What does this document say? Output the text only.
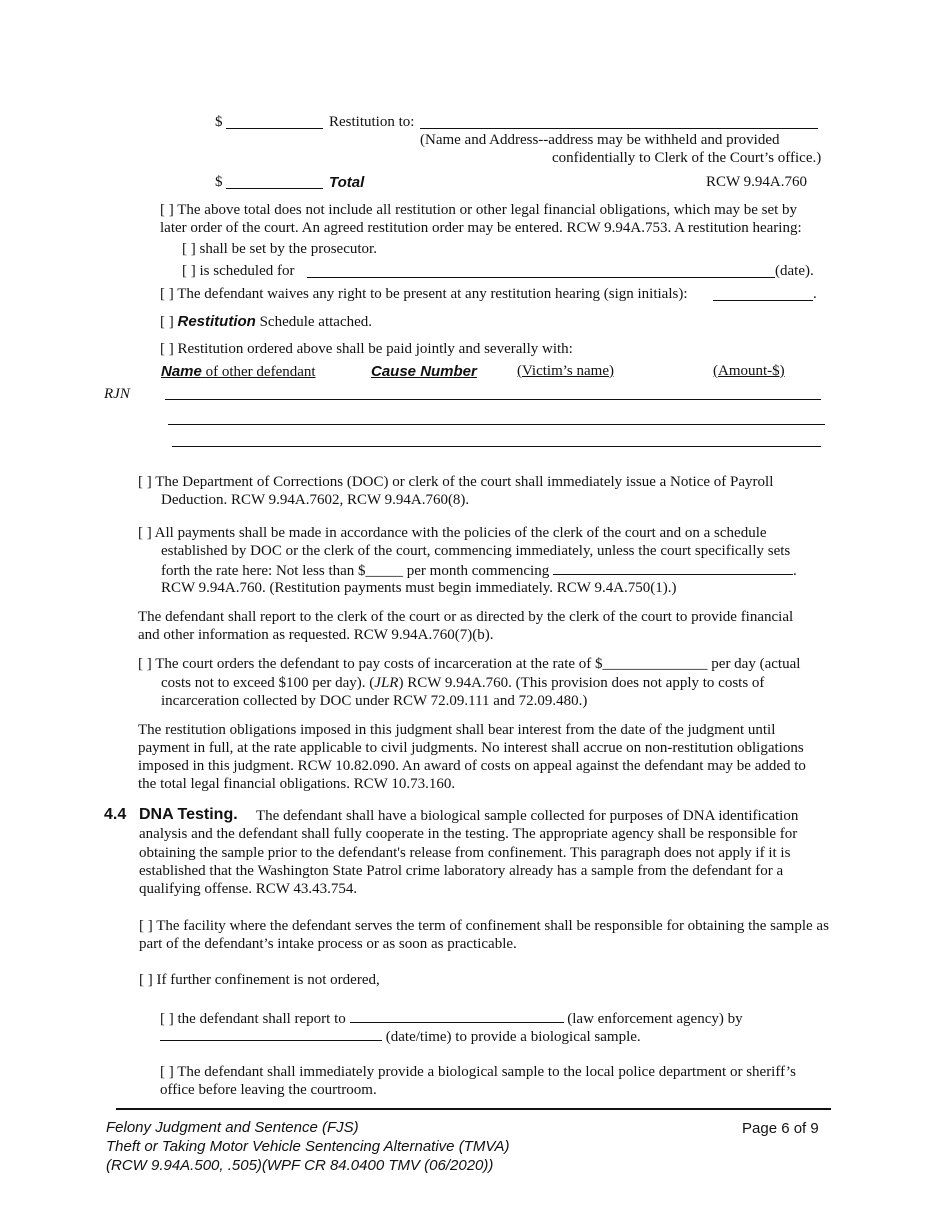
$	Restitution to:
(Name and Address--address may be withheld and provided
confidentially to Clerk of the Court’s office.)
$	Total	RCW 9.94A.760
[ ] The above total does not include all restitution or other legal financial obligations, which may be set by
later order of the court. An agreed restitution order may be entered. RCW 9.94A.753. A restitution hearing:
[ ] shall be set by the prosecutor.
[ ] is scheduled for	(date).
[ ] The defendant waives any right to be present at any restitution hearing (sign initials):	.
[ ] Restitution Schedule attached.
[ ] Restitution ordered above shall be paid jointly and severally with:
Name of other defendant	Cause Number	(Victim’s name)	(Amount-$)
RJN
[ ] The Department of Corrections (DOC) or clerk of the court shall immediately issue a Notice of Payroll
Deduction. RCW 9.94A.7602, RCW 9.94A.760(8).
[ ] All payments shall be made in accordance with the policies of the clerk of the court and on a schedule
established by DOC or the clerk of the court, commencing immediately, unless the court specifically sets
forth the rate here: Not less than $_____ per month commencing	.
RCW 9.94A.760. (Restitution payments must begin immediately. RCW 9.4A.750(1).)
The defendant shall report to the clerk of the court or as directed by the clerk of the court to provide financial
and other information as requested. RCW 9.94A.760(7)(b).
[ ] The court orders the defendant to pay costs of incarceration at the rate of $______________ per day (actual
costs not to exceed $100 per day). (JLR) RCW 9.94A.760. (This provision does not apply to costs of
incarceration collected by DOC under RCW 72.09.111 and 72.09.480.)
The restitution obligations imposed in this judgment shall bear interest from the date of the judgment until
payment in full, at the rate applicable to civil judgments. No interest shall accrue on non-restitution obligations
imposed in this judgment. RCW 10.82.090. An award of costs on appeal against the defendant may be added to
the total legal financial obligations. RCW 10.73.160.
4.4 DNA Testing. The defendant shall have a biological sample collected for purposes of DNA identification
analysis and the defendant shall fully cooperate in the testing. The appropriate agency shall be responsible for
obtaining the sample prior to the defendant's release from confinement. This paragraph does not apply if it is
established that the Washington State Patrol crime laboratory already has a sample from the defendant for a
qualifying offense. RCW 43.43.754.
[ ] The facility where the defendant serves the term of confinement shall be responsible for obtaining the sample as
part of the defendant’s intake process or as soon as practicable.
[ ] If further confinement is not ordered,
[ ] the defendant shall report to	(law enforcement agency) by
(date/time) to provide a biological sample.
[ ] The defendant shall immediately provide a biological sample to the local police department or sheriff’s
office before leaving the courtroom.
Felony Judgment and Sentence (FJS)
Theft or Taking Motor Vehicle Sentencing Alternative (TMVA)
(RCW 9.94A.500, .505)(WPF CR 84.0400 TMV (06/2020))
Page 6 of 9
